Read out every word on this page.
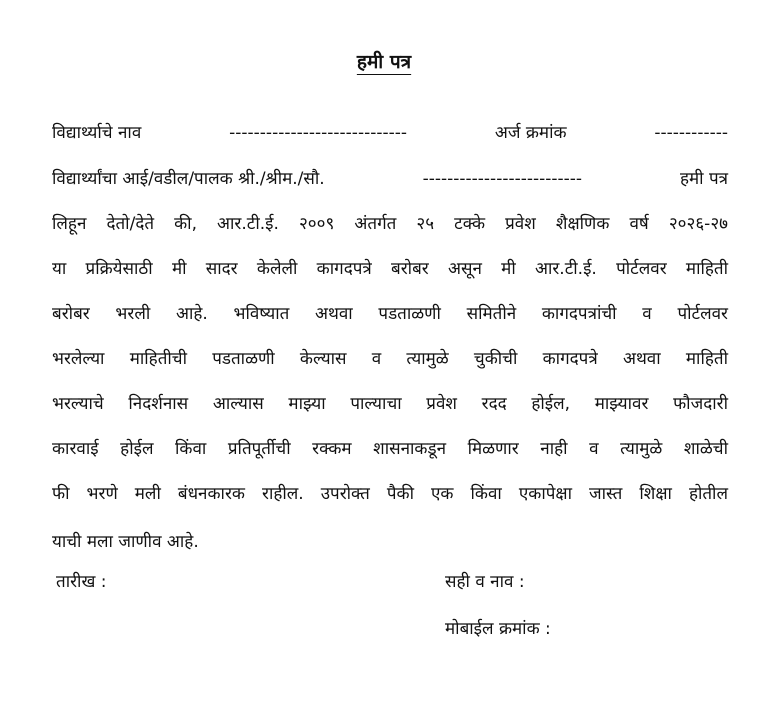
हमी पत्र
विद्यार्थ्याचे नाव	-----------------------------	अर्ज क्रमांक	------------
विद्यार्थ्यांचा आई/वडील/पालक श्री./श्रीम./सौ.	--------------------------	हमी पत्र
लिहून देतो/देते की, आर.टी.ई. २००९ अंतर्गत २५ टक्के प्रवेश शैक्षणिक वर्ष २०२६-२७
या प्रक्रियेसाठी मी सादर केलेली कागदपत्रे बरोबर असून मी आर.टी.ई. पोर्टलवर माहिती
बरोबर भरली आहे. भविष्यात अथवा पडताळणी समितीने कागदपत्रांची व पोर्टलवर
भरलेल्या माहितीची पडताळणी केल्यास व त्यामुळे चुकीची कागदपत्रे अथवा माहिती
भरल्याचे निदर्शनास आल्यास माझ्या पाल्याचा प्रवेश रदद होईल, माझ्यावर फौजदारी
कारवाई होईल किंवा प्रतिपूर्तीची रक्कम शासनाकडून मिळणार नाही व त्यामुळे शाळेची
फी भरणे मली बंधनकारक राहील. उपरोक्त पैकी एक किंवा एकापेक्षा जास्त शिक्षा होतील
याची मला जाणीव आहे.
तारीख :	सही व नाव :
मोबाईल क्रमांक :
